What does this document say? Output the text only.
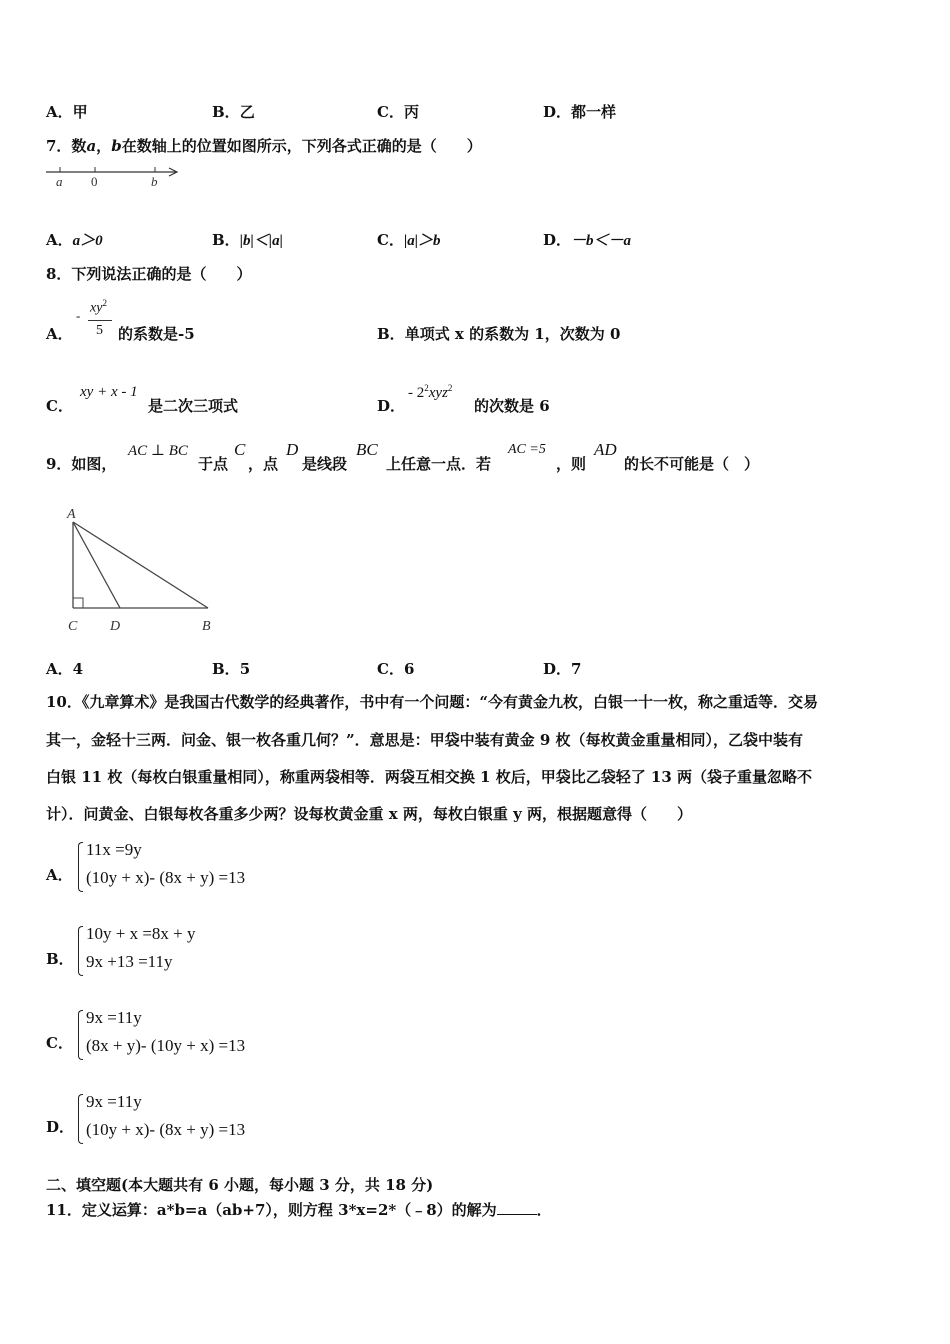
A．甲	B．乙	C．丙	D．都一样
7．数a，b在数轴上的位置如图所示，下列各式正确的是（　　）
a 0	b
A．a＞0	B．|b|＜|a|	C．|a|＞b	D．－b＜－a
8．下列说法正确的是（　　）
A．
- $xy^2$
5 的系数是-5	B．单项式 x 的系数为 1，次数为 0
C．
xy + x - 1
是二次三项式	D．
- $2^2xyz^2$
的次数是 6
9．如图，
AC ⊥ BC
于点
C
，点
D
是线段
BC
上任意一点．若
AC =5
，则
AD
的长不可能是（　）
A
C D	B
A．4	B．5	C．6	D．7
10．《九章算术》是我国古代数学的经典著作，书中有一个问题：“今有黄金九枚，白银一十一枚，称之重适等．交易
其一，金轻十三两．问金、银一枚各重几何？”．意思是：甲袋中装有黄金 9 枚（每枚黄金重量相同），乙袋中装有
白银 11 枚（每枚白银重量相同），称重两袋相等．两袋互相交换 1 枚后，甲袋比乙袋轻了 13 两（袋子重量忽略不
计）．问黄金、白银每枚各重多少两？设每枚黄金重 x 两，每枚白银重 y 两，根据题意得（　　）
A．
11x =9y
(10y + x)- (8x + y) =13
B．
10y + x =8x + y
9x +13 =11y
C．
9x =11y
(8x + y)- (10y + x) =13
D．
9x =11y
(10y + x)- (8x + y) =13
二、填空题(本大题共有 6 小题，每小题 3 分，共 18 分)
11．定义运算：a*b=a（ab+7），则方程 3*x=2*（﹣8）的解为	．
